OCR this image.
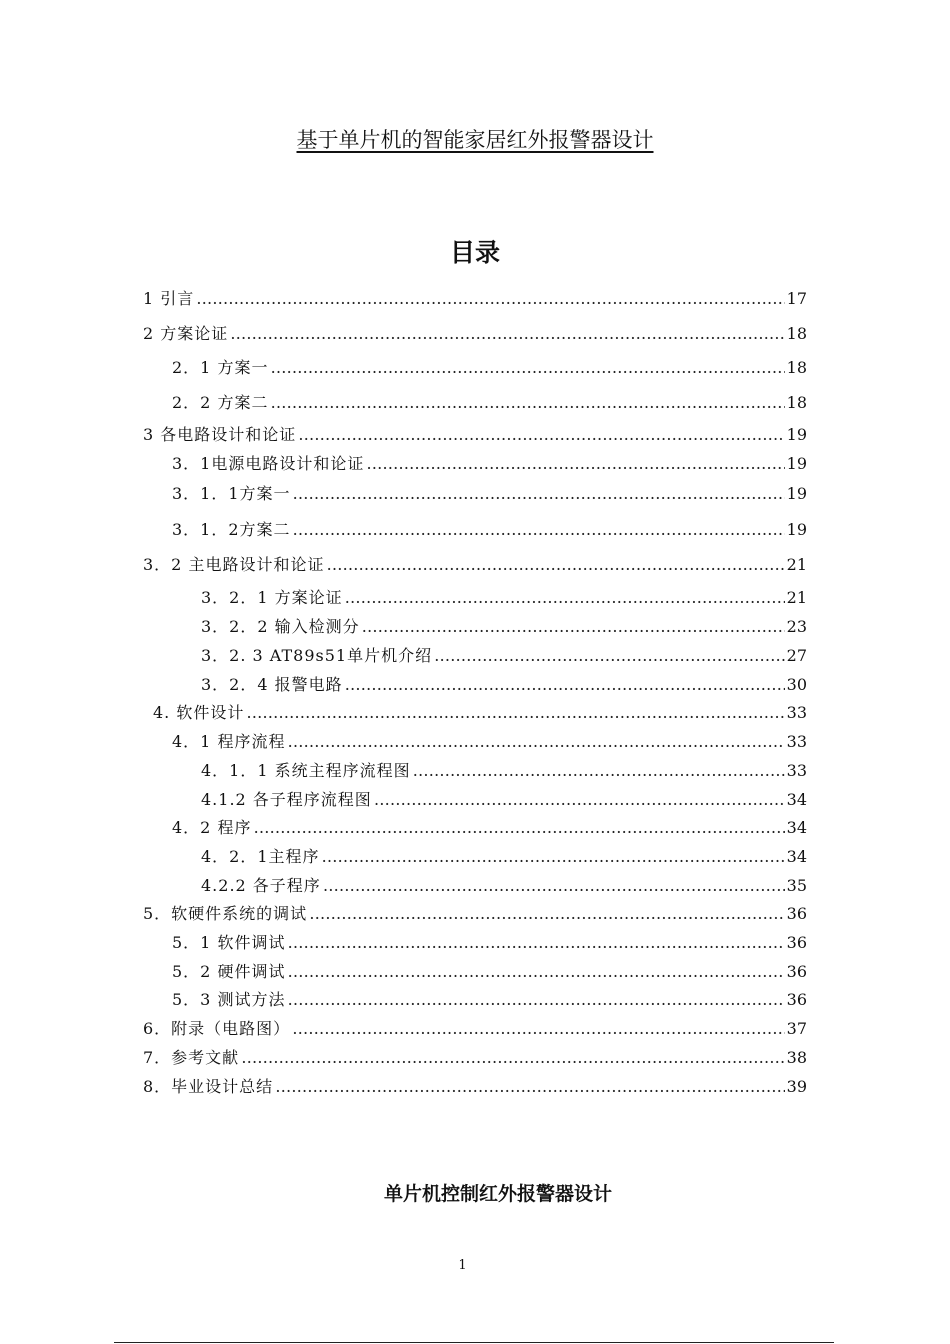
基于单片机的智能家居红外报警器设计
目录
1 引言 ………………………………………………………………………………………………………………………………………………………………………………………………	17
2 方案论证 ………………………………………………………………………………………………………………………………………………………………………………………………	18
2．1 方案一 ………………………………………………………………………………………………………………………………………………………………………………………………	18
2．2 方案二 ………………………………………………………………………………………………………………………………………………………………………………………………	18
3 各电路设计和论证 ………………………………………………………………………………………………………………………………………………………………………………………………	19
3．1电源电路设计和论证 ………………………………………………………………………………………………………………………………………………………………………………………………	19
3．1．1方案一 ………………………………………………………………………………………………………………………………………………………………………………………………	19
3．1．2方案二 ………………………………………………………………………………………………………………………………………………………………………………………………	19
3．2 主电路设计和论证 ………………………………………………………………………………………………………………………………………………………………………………………………	21
3．2．1 方案论证 ………………………………………………………………………………………………………………………………………………………………………………………………	21
3．2．2 输入检测分 ………………………………………………………………………………………………………………………………………………………………………………………………	23
3．2. 3 AT89s51单片机介绍 ………………………………………………………………………………………………………………………………………………………………………………………………	27
3．2．4 报警电路 ………………………………………………………………………………………………………………………………………………………………………………………………	30
4. 软件设计 ………………………………………………………………………………………………………………………………………………………………………………………………	33
4．1 程序流程 ………………………………………………………………………………………………………………………………………………………………………………………………	33
4．1．1 系统主程序流程图 ………………………………………………………………………………………………………………………………………………………………………………………………	33
4.1.2 各子程序流程图 ………………………………………………………………………………………………………………………………………………………………………………………………	34
4．2 程序 ………………………………………………………………………………………………………………………………………………………………………………………………	34
4．2．1主程序 ………………………………………………………………………………………………………………………………………………………………………………………………	34
4.2.2 各子程序 ………………………………………………………………………………………………………………………………………………………………………………………………	35
5．软硬件系统的调试 ………………………………………………………………………………………………………………………………………………………………………………………………	36
5．1 软件调试 ………………………………………………………………………………………………………………………………………………………………………………………………	36
5．2 硬件调试 ………………………………………………………………………………………………………………………………………………………………………………………………	36
5．3 测试方法 ………………………………………………………………………………………………………………………………………………………………………………………………	36
6．附录（电路图） ………………………………………………………………………………………………………………………………………………………………………………………………	37
7．参考文献 ………………………………………………………………………………………………………………………………………………………………………………………………	38
8．毕业设计总结 ………………………………………………………………………………………………………………………………………………………………………………………………	39
单片机控制红外报警器设计
1
